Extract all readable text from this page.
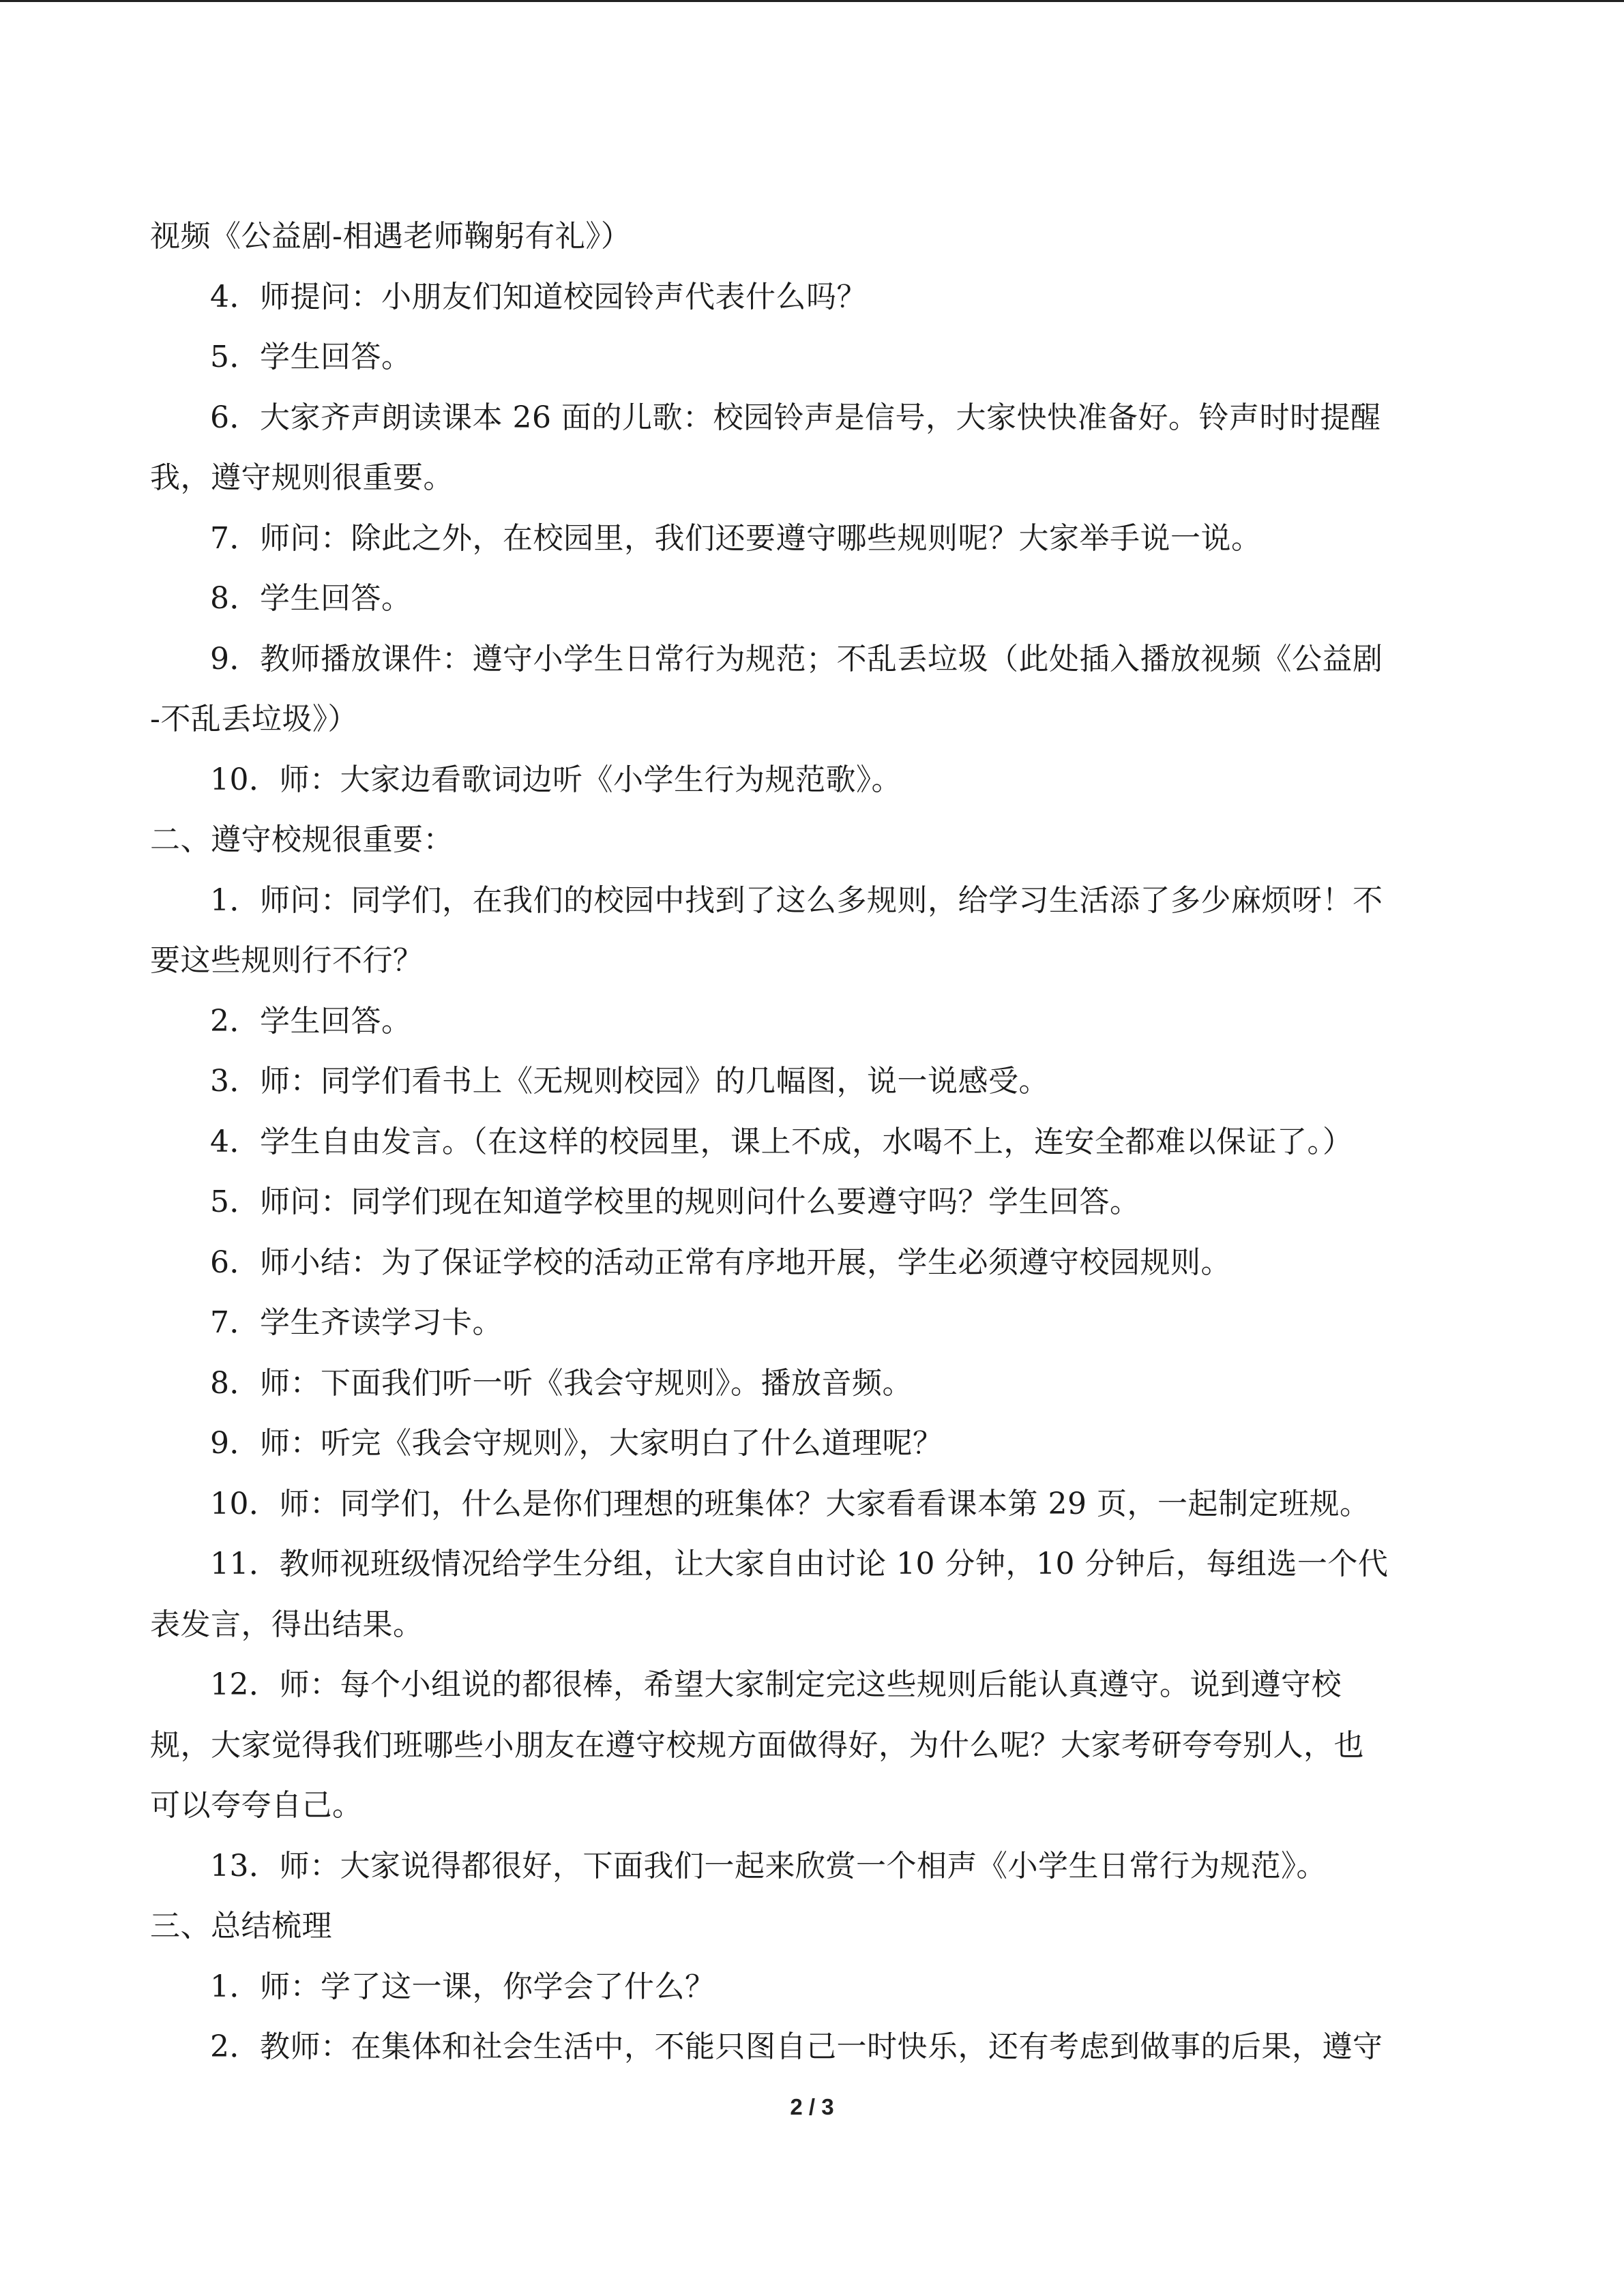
视频《公益剧-相遇老师鞠躬有礼》）
4．师提问：小朋友们知道校园铃声代表什么吗？
5．学生回答。
6．大家齐声朗读课本 26 面的儿歌：校园铃声是信号，大家快快准备好。铃声时时提醒
我，遵守规则很重要。
7．师问：除此之外，在校园里，我们还要遵守哪些规则呢？大家举手说一说。
8．学生回答。
9．教师播放课件：遵守小学生日常行为规范；不乱丢垃圾（此处插入播放视频《公益剧
-不乱丢垃圾》）
10．师：大家边看歌词边听《小学生行为规范歌》。
二、遵守校规很重要：
1．师问：同学们，在我们的校园中找到了这么多规则，给学习生活添了多少麻烦呀！不
要这些规则行不行？
2．学生回答。
3．师：同学们看书上《无规则校园》的几幅图，说一说感受。
4．学生自由发言。（在这样的校园里，课上不成，水喝不上，连安全都难以保证了。）
5．师问：同学们现在知道学校里的规则问什么要遵守吗？学生回答。
6．师小结：为了保证学校的活动正常有序地开展，学生必须遵守校园规则。
7．学生齐读学习卡。
8．师：下面我们听一听《我会守规则》。播放音频。
9．师：听完《我会守规则》，大家明白了什么道理呢？
10．师：同学们，什么是你们理想的班集体？大家看看课本第 29 页，一起制定班规。
11．教师视班级情况给学生分组，让大家自由讨论 10 分钟，10 分钟后，每组选一个代
表发言，得出结果。
12．师：每个小组说的都很棒，希望大家制定完这些规则后能认真遵守。说到遵守校
规，大家觉得我们班哪些小朋友在遵守校规方面做得好，为什么呢？大家考研夸夸别人，也
可以夸夸自己。
13．师：大家说得都很好，下面我们一起来欣赏一个相声《小学生日常行为规范》。
三、总结梳理
1．师：学了这一课，你学会了什么？
2．教师：在集体和社会生活中，不能只图自己一时快乐，还有考虑到做事的后果，遵守
2 / 3
